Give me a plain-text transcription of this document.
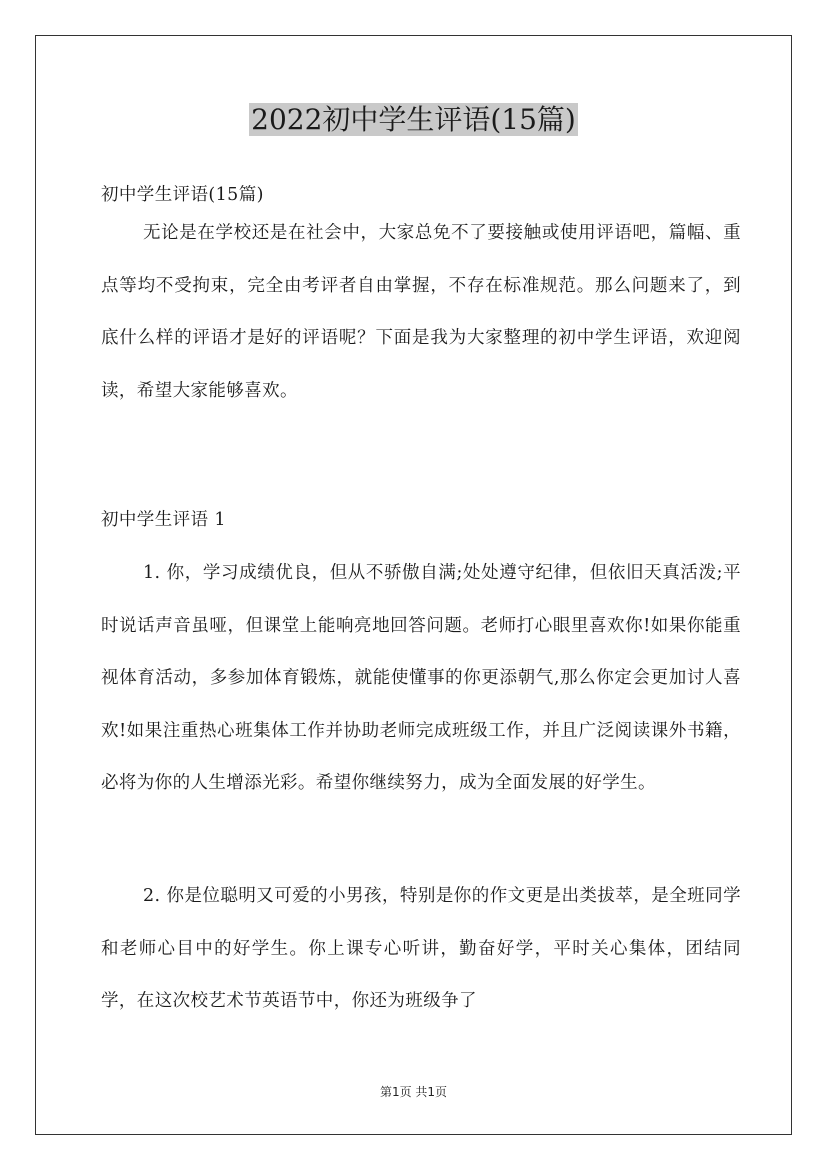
2022初中学生评语(15篇)

初中学生评语(15篇)

无论是在学校还是在社会中，大家总免不了要接触或使用评语吧，篇幅、重点等均不受拘束，完全由考评者自由掌握，不存在标准规范。那么问题来了，到底什么样的评语才是好的评语呢？下面是我为大家整理的初中学生评语，欢迎阅读，希望大家能够喜欢。

初中学生评语 1

1. 你，学习成绩优良，但从不骄傲自满;处处遵守纪律，但依旧天真活泼;平时说话声音虽哑，但课堂上能响亮地回答问题。老师打心眼里喜欢你!如果你能重视体育活动，多参加体育锻炼，就能使懂事的你更添朝气,那么你定会更加讨人喜欢!如果注重热心班集体工作并协助老师完成班级工作，并且广泛阅读课外书籍，必将为你的人生增添光彩。希望你继续努力，成为全面发展的好学生。

2. 你是位聪明又可爱的小男孩，特别是你的作文更是出类拔萃，是全班同学和老师心目中的好学生。你上课专心听讲，勤奋好学，平时关心集体，团结同学，在这次校艺术节英语节中，你还为班级争了

第1页 共1页
